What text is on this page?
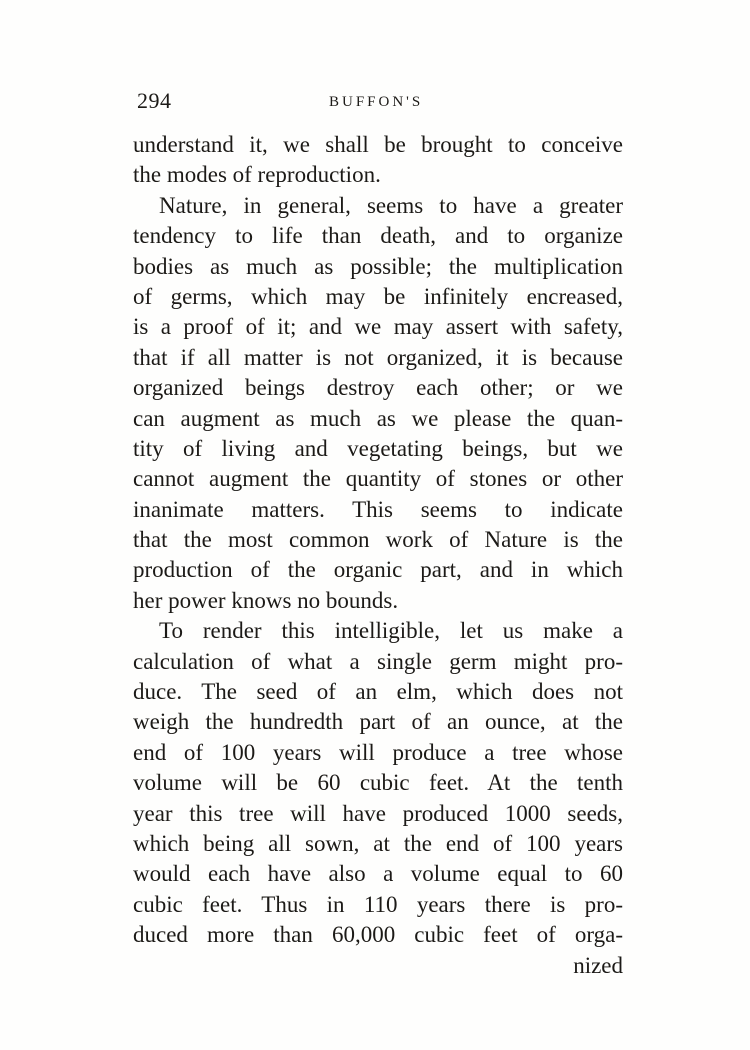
294	BUFFON'S
understand it, we shall be brought to conceive
the modes of reproduction.
Nature, in general, seems to have a greater
tendency to life than death, and to organize
bodies as much as possible; the multiplication
of germs, which may be infinitely encreased,
is a proof of it; and we may assert with safety,
that if all matter is not organized, it is because
organized beings destroy each other; or we
can augment as much as we please the quan-
tity of living and vegetating beings, but we
cannot augment the quantity of stones or other
inanimate matters. This seems to indicate
that the most common work of Nature is the
production of the organic part, and in which
her power knows no bounds.
To render this intelligible, let us make a
calculation of what a single germ might pro-
duce. The seed of an elm, which does not
weigh the hundredth part of an ounce, at the
end of 100 years will produce a tree whose
volume will be 60 cubic feet. At the tenth
year this tree will have produced 1000 seeds,
which being all sown, at the end of 100 years
would each have also a volume equal to 60
cubic feet. Thus in 110 years there is pro-
duced more than 60,000 cubic feet of orga-
nized
